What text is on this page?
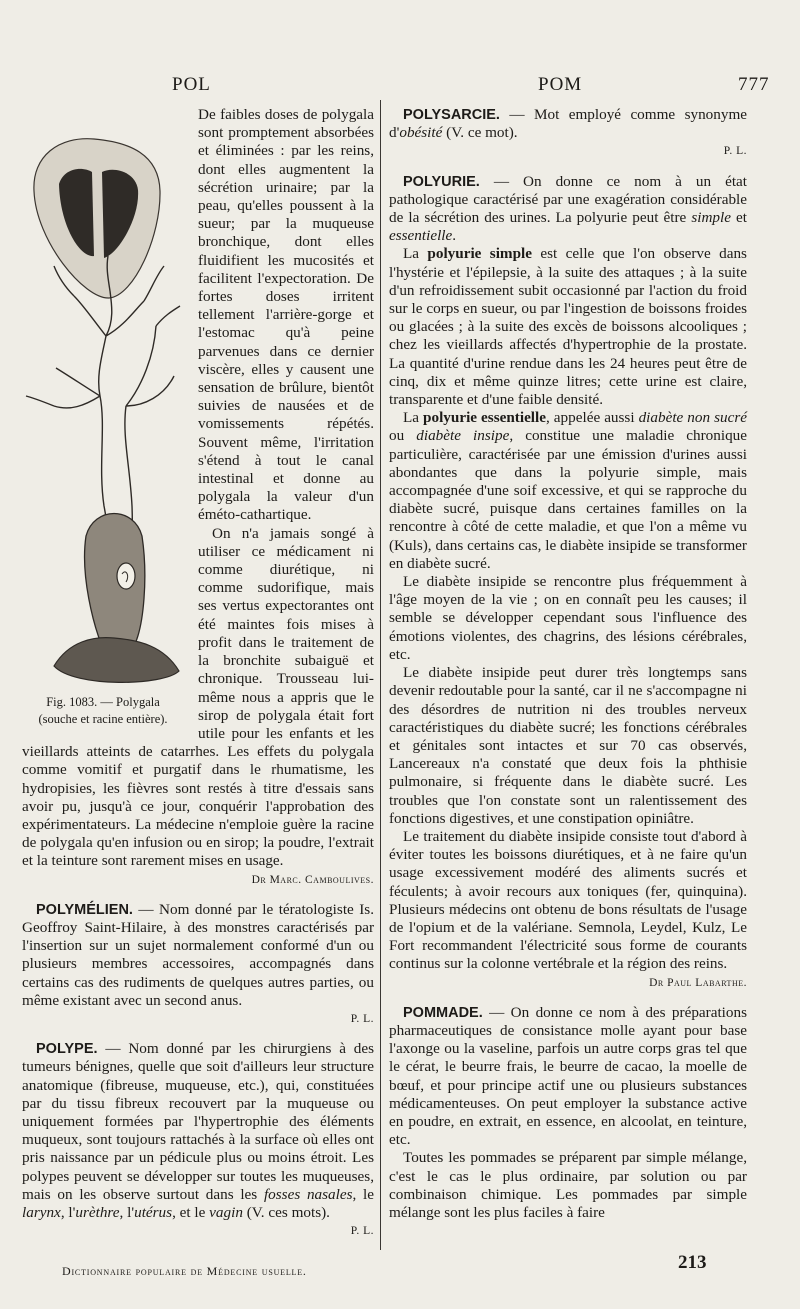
POL	POM	777
Fig. 1083. — Polygala
(souche et racine entière).

De faibles doses de polygala sont promptement absorbées et éliminées : par les reins, dont elles augmentent la sécrétion urinaire; par la peau, qu'elles poussent à la sueur; par la muqueuse bronchique, dont elles fluidifient les mucosités et facilitent l'expectoration. De fortes doses irritent tellement l'arrière-gorge et l'estomac qu'à peine parvenues dans ce dernier viscère, elles y causent une sensation de brûlure, bientôt suivies de nausées et de vomissements répétés. Souvent même, l'irritation s'étend à tout le canal intestinal et donne au polygala la valeur d'un éméto-cathartique.

On n'a jamais songé à utiliser ce médicament ni comme diurétique, ni comme sudorifique, mais ses vertus expectorantes ont été maintes fois mises à profit dans le traitement de la bronchite subaiguë et chronique. Trousseau lui-même nous a appris que le sirop de polygala était fort utile pour les enfants et les vieillards atteints de catarrhes. Les effets du polygala comme vomitif et purgatif dans le rhumatisme, les hydropisies, les fièvres sont restés à titre d'essais sans avoir pu, jusqu'à ce jour, conquérir l'approbation des expérimentateurs. La médecine n'emploie guère la racine de polygala qu'en infusion ou en sirop; la poudre, l'extrait et la teinture sont rarement mises en usage.

Dr Marc. Camboulives.

POLYMÉLIEN. — Nom donné par le tératologiste Is. Geoffroy Saint-Hilaire, à des monstres caractérisés par l'insertion sur un sujet normalement conformé d'un ou plusieurs membres accessoires, accompagnés dans certains cas des rudiments de quelques autres parties, ou même existant avec un second anus.

P. L.

POLYPE. — Nom donné par les chirurgiens à des tumeurs bénignes, quelle que soit d'ailleurs leur structure anatomique (fibreuse, muqueuse, etc.), qui, constituées par du tissu fibreux recouvert par la muqueuse ou uniquement formées par l'hypertrophie des éléments muqueux, sont toujours rattachés à la surface où elles ont pris naissance par un pédicule plus ou moins étroit. Les polypes peuvent se développer sur toutes les muqueuses, mais on les observe surtout dans les fosses nasales, le larynx, l'urèthre, l'utérus, et le vagin (V. ces mots).

P. L.

POLYSARCIE. — Mot employé comme synonyme d'obésité (V. ce mot).

P. L.

POLYURIE. — On donne ce nom à un état pathologique caractérisé par une exagération considérable de la sécrétion des urines. La polyurie peut être simple et essentielle.

La polyurie simple est celle que l'on observe dans l'hystérie et l'épilepsie, à la suite des attaques ; à la suite d'un refroidissement subit occasionné par l'action du froid sur le corps en sueur, ou par l'ingestion de boissons froides ou glacées ; à la suite des excès de boissons alcooliques ; chez les vieillards affectés d'hypertrophie de la prostate. La quantité d'urine rendue dans les 24 heures peut être de cinq, dix et même quinze litres; cette urine est claire, transparente et d'une faible densité.

La polyurie essentielle, appelée aussi diabète non sucré ou diabète insipe, constitue une maladie chronique particulière, caractérisée par une émission d'urines aussi abondantes que dans la polyurie simple, mais accompagnée d'une soif excessive, et qui se rapproche du diabète sucré, puisque dans certaines familles on la rencontre à côté de cette maladie, et que l'on a même vu (Kuls), dans certains cas, le diabète insipide se transformer en diabète sucré.

Le diabète insipide se rencontre plus fréquemment à l'âge moyen de la vie ; on en connaît peu les causes; il semble se développer cependant sous l'influence des émotions violentes, des chagrins, des lésions cérébrales, etc.

Le diabète insipide peut durer très longtemps sans devenir redoutable pour la santé, car il ne s'accompagne ni des désordres de nutrition ni des troubles nerveux caractéristiques du diabète sucré; les fonctions cérébrales et génitales sont intactes et sur 70 cas observés, Lancereaux n'a constaté que deux fois la phthisie pulmonaire, si fréquente dans le diabète sucré. Les troubles que l'on constate sont un ralentissement des fonctions digestives, et une constipation opiniâtre.

Le traitement du diabète insipide consiste tout d'abord à éviter toutes les boissons diurétiques, et à ne faire qu'un usage excessivement modéré des aliments sucrés et féculents; à avoir recours aux toniques (fer, quinquina). Plusieurs médecins ont obtenu de bons résultats de l'usage de l'opium et de la valériane. Semnola, Leydel, Kulz, Le Fort recommandent l'électricité sous forme de courants continus sur la colonne vertébrale et la région des reins.

Dr Paul Labarthe.

POMMADE. — On donne ce nom à des préparations pharmaceutiques de consistance molle ayant pour base l'axonge ou la vaseline, parfois un autre corps gras tel que le cérat, le beurre frais, le beurre de cacao, la moelle de bœuf, et pour principe actif une ou plusieurs substances médicamenteuses. On peut employer la substance active en poudre, en extrait, en essence, en alcoolat, en teinture, etc.

Toutes les pommades se préparent par simple mélange, c'est le cas le plus ordinaire, par solution ou par combinaison chimique. Les pommades par simple mélange sont les plus faciles à faire

Dictionnaire populaire de Médecine usuelle.	213
